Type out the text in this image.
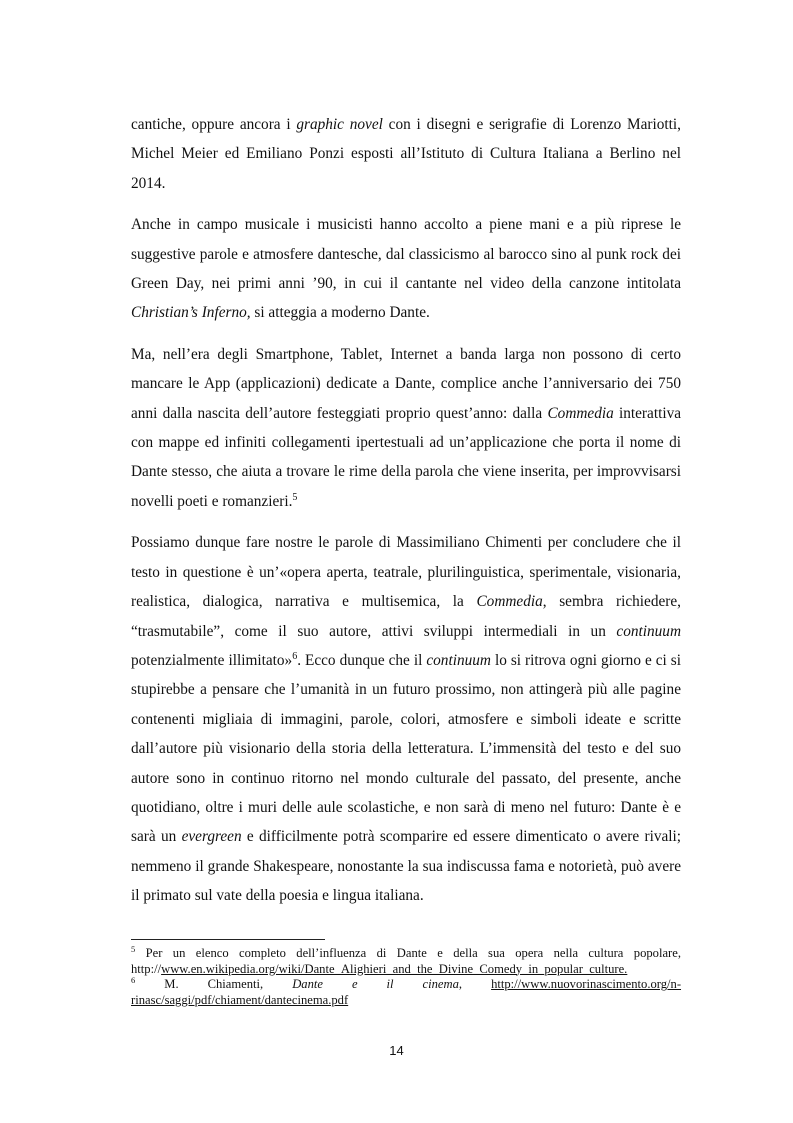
cantiche, oppure ancora i graphic novel con i disegni e serigrafie di Lorenzo Mariotti, Michel Meier ed Emiliano Ponzi esposti all’Istituto di Cultura Italiana a Berlino nel 2014.

Anche in campo musicale i musicisti hanno accolto a piene mani e a più riprese le suggestive parole e atmosfere dantesche, dal classicismo al barocco sino al punk rock dei Green Day, nei primi anni ’90, in cui il cantante nel video della canzone intitolata Christian’s Inferno, si atteggia a moderno Dante.

Ma, nell’era degli Smartphone, Tablet, Internet a banda larga non possono di certo mancare le App (applicazioni) dedicate a Dante, complice anche l’anniversario dei 750 anni dalla nascita dell’autore festeggiati proprio quest’anno: dalla Commedia interattiva con mappe ed infiniti collegamenti ipertestuali ad un’applicazione che porta il nome di Dante stesso, che aiuta a trovare le rime della parola che viene inserita, per improvvisarsi novelli poeti e romanzieri.$^5$

Possiamo dunque fare nostre le parole di Massimiliano Chimenti per concludere che il testo in questione è un’«opera aperta, teatrale, plurilinguistica, sperimentale, visionaria, realistica, dialogica, narrativa e multisemica, la Commedia, sembra richiedere, “trasmutabile”, come il suo autore, attivi sviluppi intermediali in un continuum potenzialmente illimitato»$^6$. Ecco dunque che il continuum lo si ritrova ogni giorno e ci si stupirebbe a pensare che l’umanità in un futuro prossimo, non attingerà più alle pagine contenenti migliaia di immagini, parole, colori, atmosfere e simboli ideate e scritte dall’autore più visionario della storia della letteratura. L’immensità del testo e del suo autore sono in continuo ritorno nel mondo culturale del passato, del presente, anche quotidiano, oltre i muri delle aule scolastiche, e non sarà di meno nel futuro: Dante è e sarà un evergreen e difficilmente potrà scomparire ed essere dimenticato o avere rivali; nemmeno il grande Shakespeare, nonostante la sua indiscussa fama e notorietà, può avere il primato sul vate della poesia e lingua italiana.

$^5$ Per un elenco completo dell’influenza di Dante e della sua opera nella cultura popolare, http://www.en.wikipedia.org/wiki/Dante_Alighieri_and_the_Divine_Comedy_in_popular_culture.

$^6$ M. Chiamenti, Dante e il cinema, http://www.nuovorinascimento.org/n-rinasc/saggi/pdf/chiament/dantecinema.pdf

14
